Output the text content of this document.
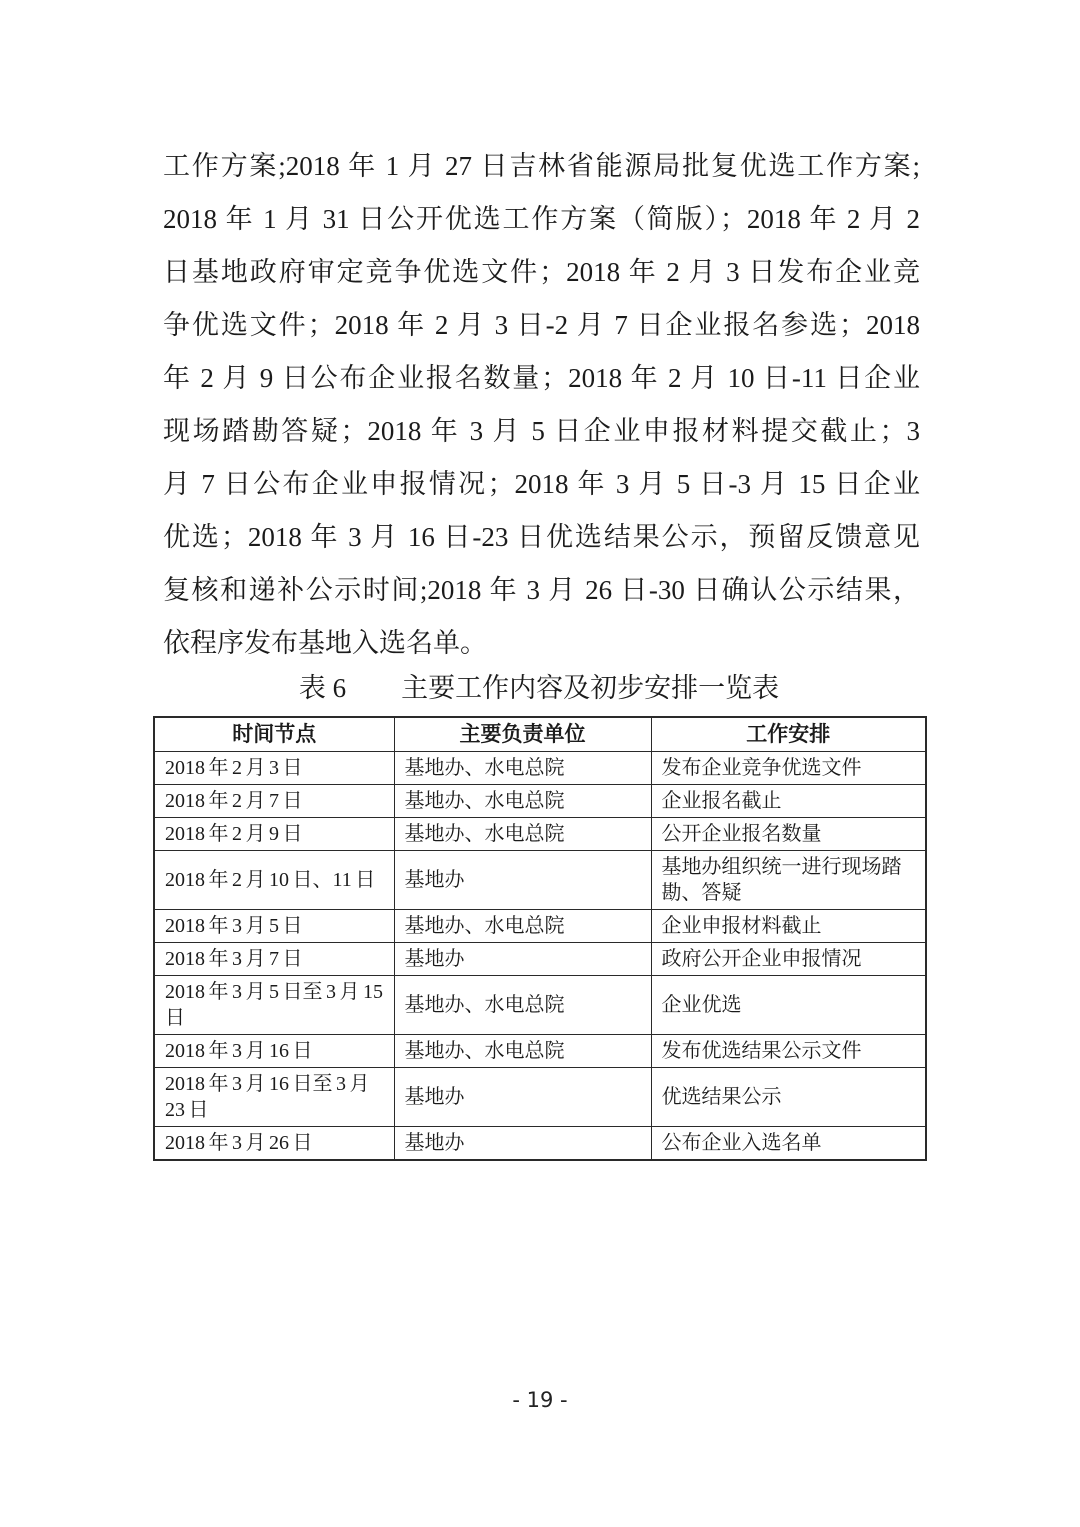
工作方案;2018 年 1 月 27 日吉林省能源局批复优选工作方案;
2018 年 1 月 31 日公开优选工作方案（简版）；2018 年 2 月 2
日基地政府审定竞争优选文件；2018 年 2 月 3 日发布企业竞
争优选文件；2018 年 2 月 3 日-2 月 7 日企业报名参选；2018
年 2 月 9 日公布企业报名数量；2018 年 2 月 10 日-11 日企业
现场踏勘答疑；2018 年 3 月 5 日企业申报材料提交截止；3
月 7 日公布企业申报情况；2018 年 3 月 5 日-3 月 15 日企业
优选；2018 年 3 月 16 日-23 日优选结果公示，预留反馈意见
复核和递补公示时间;2018 年 3 月 26 日-30 日确认公示结果，
依程序发布基地入选名单。
表 6 主要工作内容及初步安排一览表
时间节点	主要负责单位	工作安排
2018 年 2 月 3 日	基地办、水电总院	发布企业竞争优选文件
2018 年 2 月 7 日	基地办、水电总院	企业报名截止
2018 年 2 月 9 日	基地办、水电总院	公开企业报名数量
2018 年 2 月 10 日、11 日	基地办	基地办组织统一进行现场踏勘、答疑
2018 年 3 月 5 日	基地办、水电总院	企业申报材料截止
2018 年 3 月 7 日	基地办	政府公开企业申报情况
2018 年 3 月 5 日至 3 月 15 日	基地办、水电总院	企业优选
2018 年 3 月 16 日	基地办、水电总院	发布优选结果公示文件
2018 年 3 月 16 日至 3 月 23 日	基地办	优选结果公示
2018 年 3 月 26 日	基地办	公布企业入选名单
- 19 -
